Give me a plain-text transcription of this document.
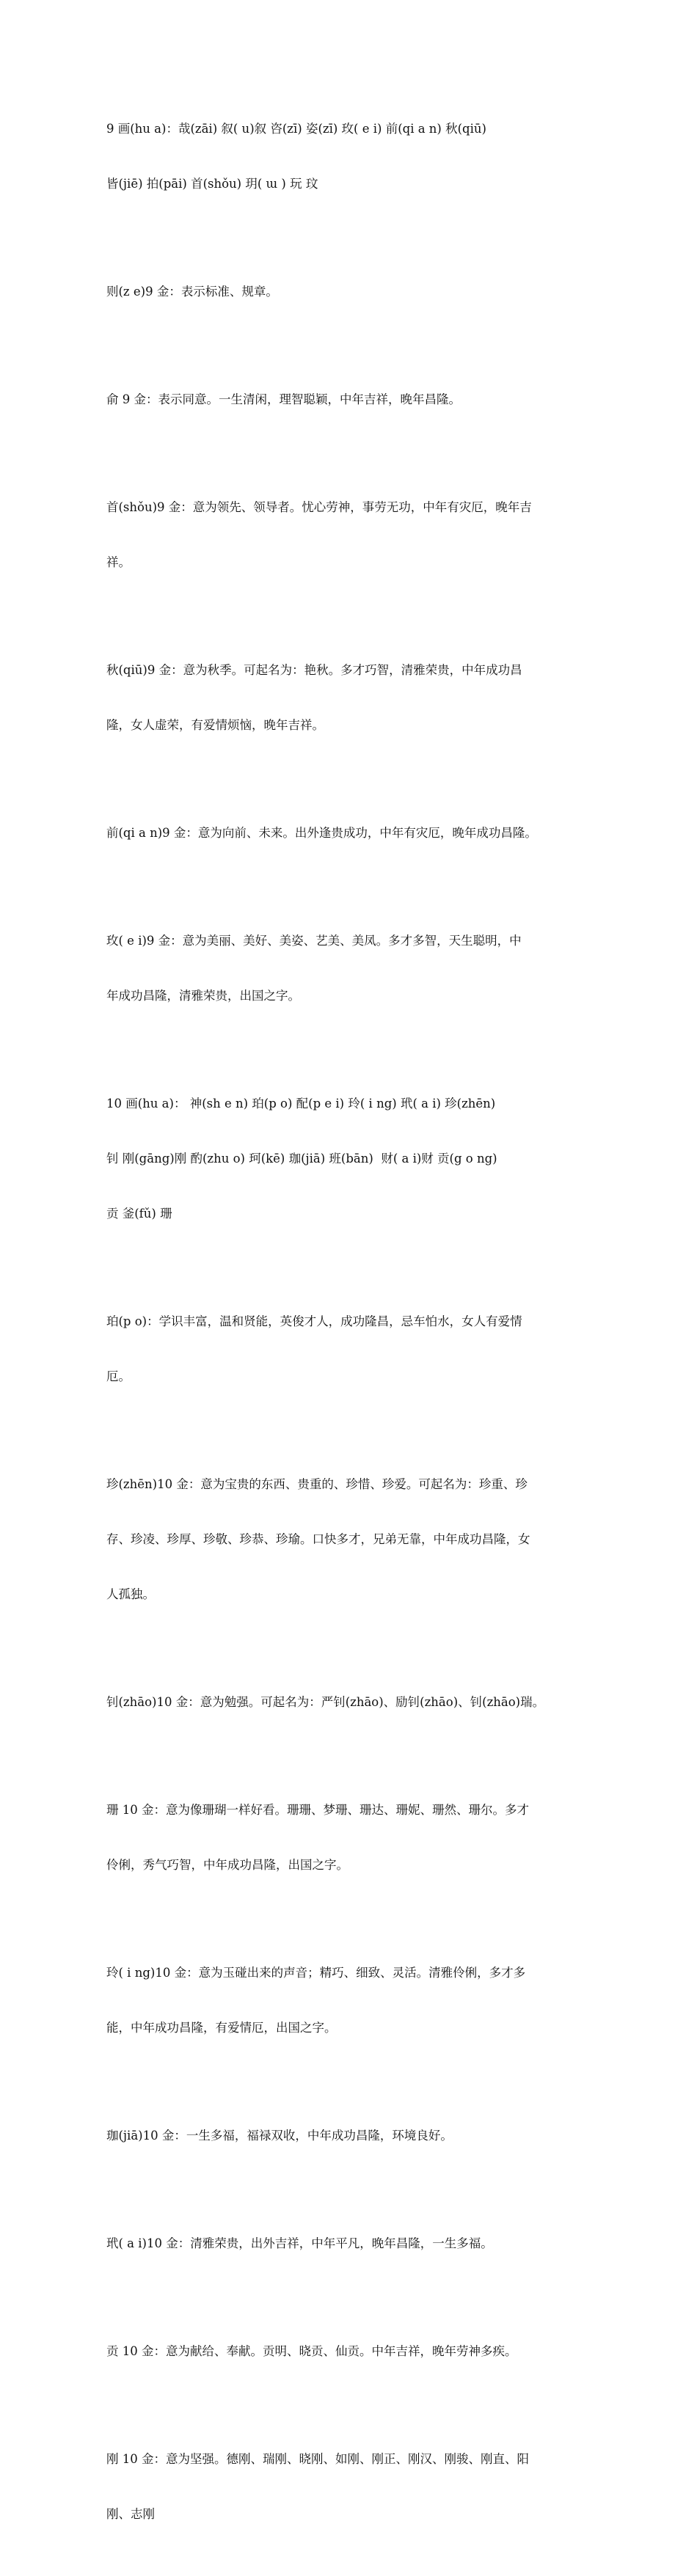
9 画(hu a)：哉(zāi) 叙( u)叙 咨(zī) 姿(zī) 玫( e i) 前(qi a n) 秋(qiū)

皆(jiē) 拍(pāi) 首(shǒu) 玥( ɯ ) 玩 玟

则(z e)9 金：表示标准、规章。

俞 9 金：表示同意。一生清闲，理智聪颖，中年吉祥，晚年昌隆。

首(shǒu)9 金：意为领先、领导者。忧心劳神，事劳无功，中年有灾厄，晚年吉

祥。

秋(qiū)9 金：意为秋季。可起名为：艳秋。多才巧智，清雅荣贵，中年成功昌

隆，女人虚荣，有爱情烦恼，晚年吉祥。

前(qi a n)9 金：意为向前、未来。出外逢贵成功，中年有灾厄，晚年成功昌隆。

玫( e i)9 金：意为美丽、美好、美姿、艺美、美凤。多才多智，天生聪明，中

年成功昌隆，清雅荣贵，出国之字。

10 画(hu a)： 神(sh e n) 珀(p o) 配(p e i) 玲( i ng) 玳( a i) 珍(zhēn)

钊 刚(gāng)刚 酌(zhu o) 珂(kē) 珈(jiā) 班(bān)  财( a i)财 贡(g o ng)

贡 釜(fǔ) 珊

珀(p o)：学识丰富，温和贤能，英俊才人，成功隆昌，忌车怕水，女人有爱情

厄。

珍(zhēn)10 金：意为宝贵的东西、贵重的、珍惜、珍爱。可起名为：珍重、珍

存、珍凌、珍厚、珍敬、珍恭、珍瑜。口快多才，兄弟无靠，中年成功昌隆，女

人孤独。

钊(zhāo)10 金：意为勉强。可起名为：严钊(zhāo)、励钊(zhāo)、钊(zhāo)瑞。

珊 10 金：意为像珊瑚一样好看。珊珊、梦珊、珊达、珊妮、珊然、珊尔。多才

伶俐，秀气巧智，中年成功昌隆，出国之字。

玲( i ng)10 金：意为玉碰出来的声音；精巧、细致、灵活。清雅伶俐，多才多

能，中年成功昌隆，有爱情厄，出国之字。

珈(jiā)10 金：一生多福，福禄双收，中年成功昌隆，环境良好。

玳( a i)10 金：清雅荣贵，出外吉祥，中年平凡，晚年昌隆，一生多福。

贡 10 金：意为献给、奉献。贡明、晓贡、仙贡。中年吉祥，晚年劳神多疾。

刚 10 金：意为坚强。德刚、瑞刚、晓刚、如刚、刚正、刚汉、刚骏、刚直、阳

刚、志刚
